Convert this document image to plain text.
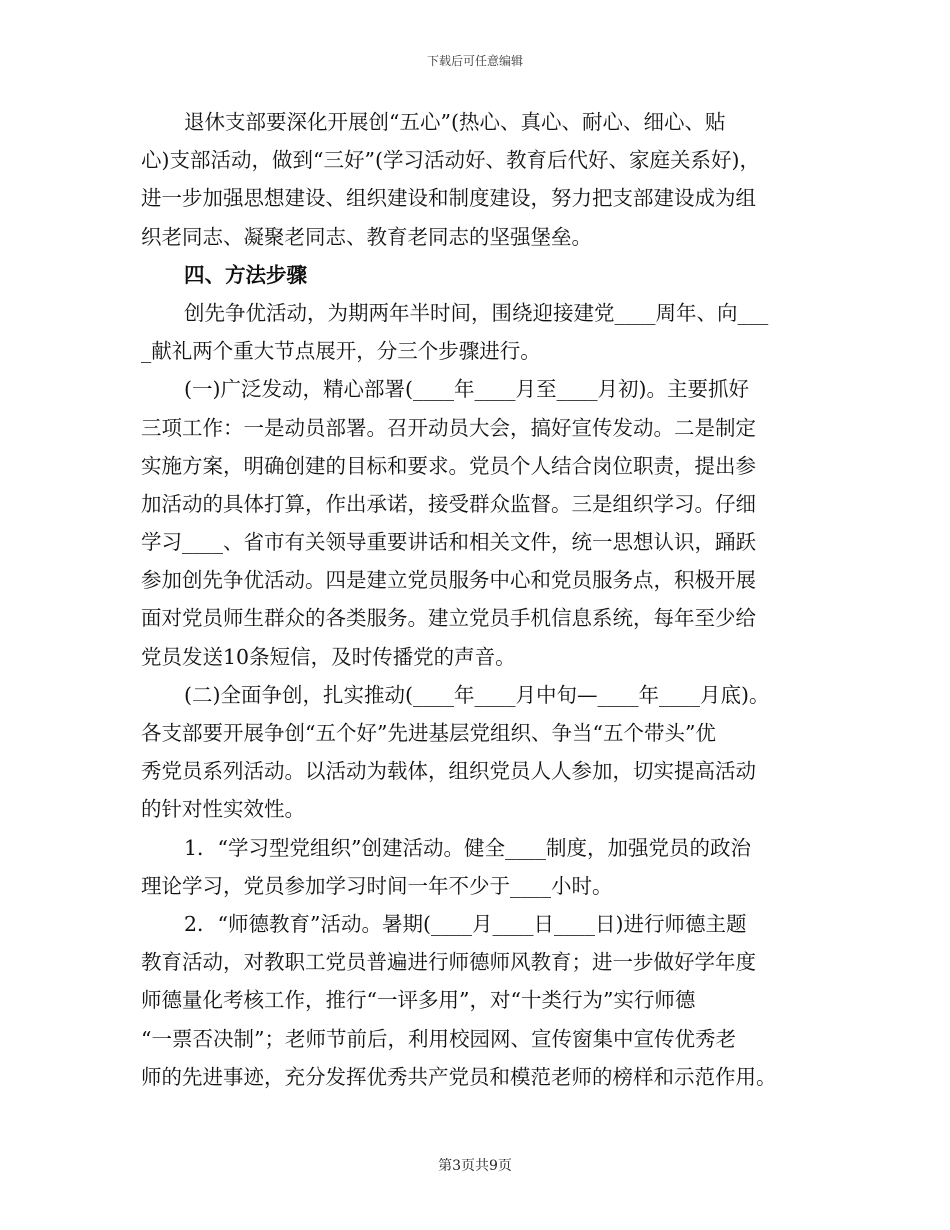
下载后可任意编辑
退休支部要深化开展创“五心”(热心、真心、耐心、细心、贴
心)支部活动，做到“三好”(学习活动好、教育后代好、家庭关系好)，
进一步加强思想建设、组织建设和制度建设，努力把支部建设成为组
织老同志、凝聚老同志、教育老同志的坚强堡垒。
四、方法步骤
创先争优活动，为期两年半时间，围绕迎接建党____周年、向___
_献礼两个重大节点展开，分三个步骤进行。
(一)广泛发动，精心部署(____年____月至____月初)。主要抓好
三项工作：一是动员部署。召开动员大会，搞好宣传发动。二是制定
实施方案，明确创建的目标和要求。党员个人结合岗位职责，提出参
加活动的具体打算，作出承诺，接受群众监督。三是组织学习。仔细
学习____、省市有关领导重要讲话和相关文件，统一思想认识，踊跃
参加创先争优活动。四是建立党员服务中心和党员服务点，积极开展
面对党员师生群众的各类服务。建立党员手机信息系统，每年至少给
党员发送10条短信，及时传播党的声音。
(二)全面争创，扎实推动(____年____月中旬—____年____月底)。
各支部要开展争创“五个好”先进基层党组织、争当“五个带头”优
秀党员系列活动。以活动为载体，组织党员人人参加，切实提高活动
的针对性实效性。
1．“学习型党组织”创建活动。健全____制度，加强党员的政治
理论学习，党员参加学习时间一年不少于____小时。
2．“师德教育”活动。暑期(____月____日____日)进行师德主题
教育活动，对教职工党员普遍进行师德师风教育；进一步做好学年度
师德量化考核工作，推行“一评多用”，对“十类行为”实行师德
“一票否决制”；老师节前后，利用校园网、宣传窗集中宣传优秀老
师的先进事迹，充分发挥优秀共产党员和模范老师的榜样和示范作用。
第3页共9页
